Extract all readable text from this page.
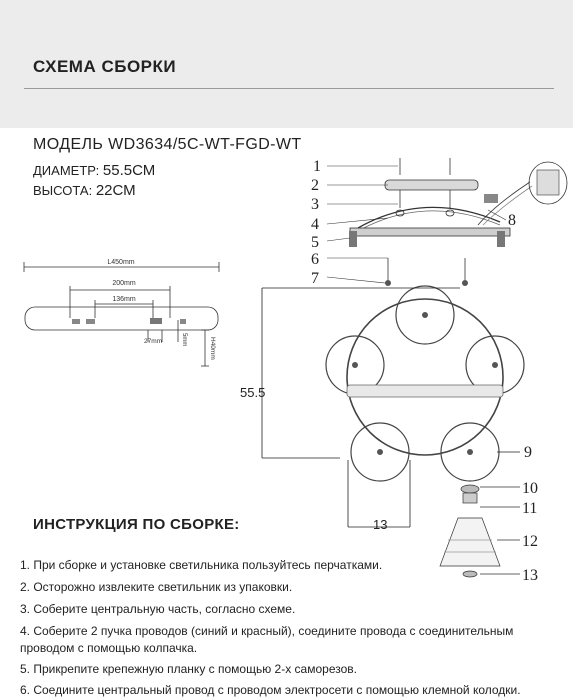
СХЕМА СБОРКИ
МОДЕЛЬ WD3634/5C-WT-FGD-WT
ДИАМЕТР: 55.5СМ
ВЫСОТА: 22СМ
L450mm
200mm
136mm
27mm	5mm	H40mm
1
2
3
4
5
6
7
8
55.5
13
9
10
11
12
13
ИНСТРУКЦИЯ ПО СБОРКЕ:
1. При сборке и установке светильника пользуйтесь перчатками.
2. Осторожно извлеките светильник из упаковки.
3. Соберите центральную часть, согласно схеме.
4. Соберите 2 пучка проводов (синий и красный), соедините провода с соединительным проводом с помощью колпачка.
5. Прикрепите крепежную планку с помощью 2-х саморезов.
6. Соедините центральный провод с проводом электросети с помощью клемной колодки.
